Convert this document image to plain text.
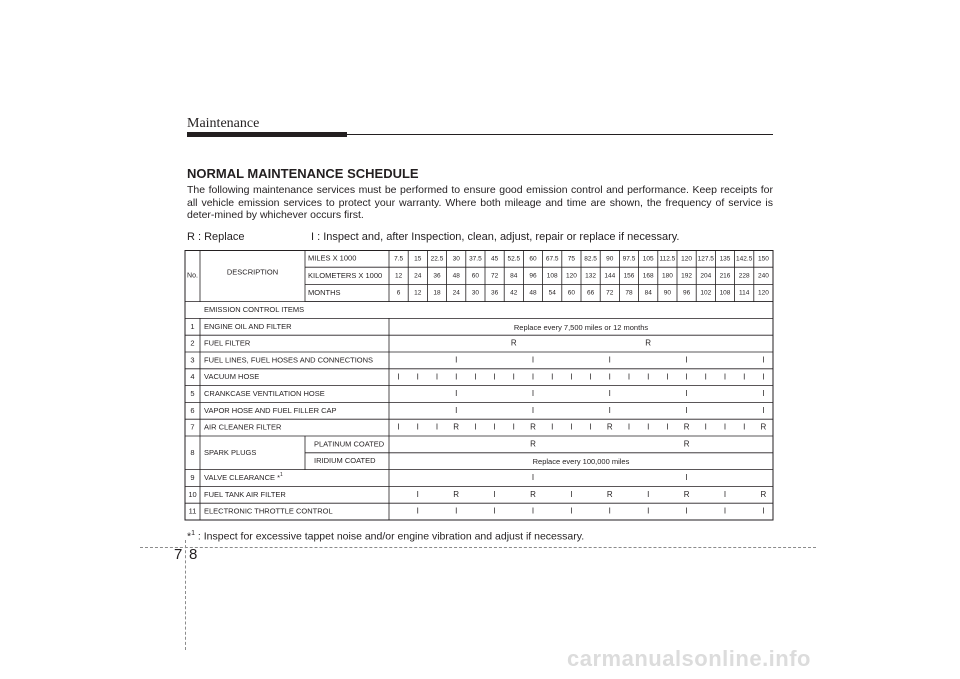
Maintenance
NORMAL MAINTENANCE SCHEDULE
The following maintenance services must be performed to ensure good emission control and performance. Keep receipts for all vehicle emission services to protect your warranty. Where both mileage and time are shown, the frequency of service is deter-mined by whichever occurs first.
R : Replace	I : Inspect and, after Inspection, clean, adjust, repair or replace if necessary.
No.	DESCRIPTION
MILES X 1000	7.5 15 22.5 30 37.5 45 52.5 60 67.5 75 82.5 90 97.5 105 112.5 120 127.5 135 142.5 150
KILOMETERS X 1000 12 24 36 48 60 72 84 96 108 120 132 144 156 168 180 192 204 216 228 240
MONTHS	6 12 18 24 30 36 42 48 54 60 66 72 78 84 90 96 102 108 114 120
EMISSION CONTROL ITEMS
1 ENGINE OIL AND FILTER	Replace every 7,500 miles or 12 months
2 FUEL FILTER	R	R
3 FUEL LINES, FUEL HOSES AND CONNECTIONS	I	I	I	I	I
4 VACUUM HOSE	I I I I I I I I I I I I I I I I I I I I
5 CRANKCASE VENTILATION HOSE	I	I	I	I	I
6 VAPOR HOSE AND FUEL FILLER CAP	I	I	I	I	I
7 AIR CLEANER FILTER	I I I R I I I R I I I R I I I R I I I R
8 SPARK PLUGS
PLATINUM COATED	R	R
IRIDIUM COATED	Replace every 100,000 miles
9 VALVE CLEARANCE *$^1$	I	I
10 FUEL TANK AIR FILTER	I	R	I	R	I	R	I	R	I	R
11 ELECTRONIC THROTTLE CONTROL	I	I	I	I	I	I	I	I	I	I
*$^1$ : Inspect for excessive tappet noise and/or engine vibration and adjust if necessary.
7 8
carmanualsonline.info
